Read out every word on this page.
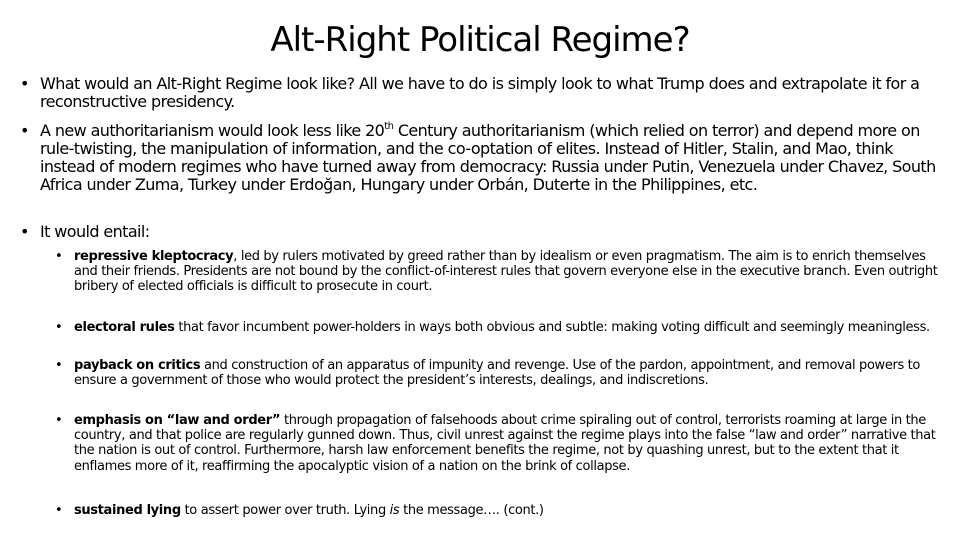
Alt-Right Political Regime?
• What would an Alt-Right Regime look like? All we have to do is simply look to what Trump does and extrapolate it for a reconstructive presidency.
• A new authoritarianism would look less like 20th Century authoritarianism (which relied on terror) and depend more on rule-twisting, the manipulation of information, and the co-optation of elites. Instead of Hitler, Stalin, and Mao, think instead of modern regimes who have turned away from democracy: Russia under Putin, Venezuela under Chavez, South Africa under Zuma, Turkey under Erdoğan, Hungary under Orbán, Duterte in the Philippines, etc.
• It would entail:
• repressive kleptocracy, led by rulers motivated by greed rather than by idealism or even pragmatism. The aim is to enrich themselves and their friends. Presidents are not bound by the conflict-of-interest rules that govern everyone else in the executive branch. Even outright bribery of elected officials is difficult to prosecute in court.
• electoral rules that favor incumbent power-holders in ways both obvious and subtle: making voting difficult and seemingly meaningless.
• payback on critics and construction of an apparatus of impunity and revenge. Use of the pardon, appointment, and removal powers to ensure a government of those who would protect the president’s interests, dealings, and indiscretions.
• emphasis on “law and order” through propagation of falsehoods about crime spiraling out of control, terrorists roaming at large in the country, and that police are regularly gunned down. Thus, civil unrest against the regime plays into the false “law and order” narrative that the nation is out of control. Furthermore, harsh law enforcement benefits the regime, not by quashing unrest, but to the extent that it enflames more of it, reaffirming the apocalyptic vision of a nation on the brink of collapse.
• sustained lying to assert power over truth. Lying is the message…. (cont.)
